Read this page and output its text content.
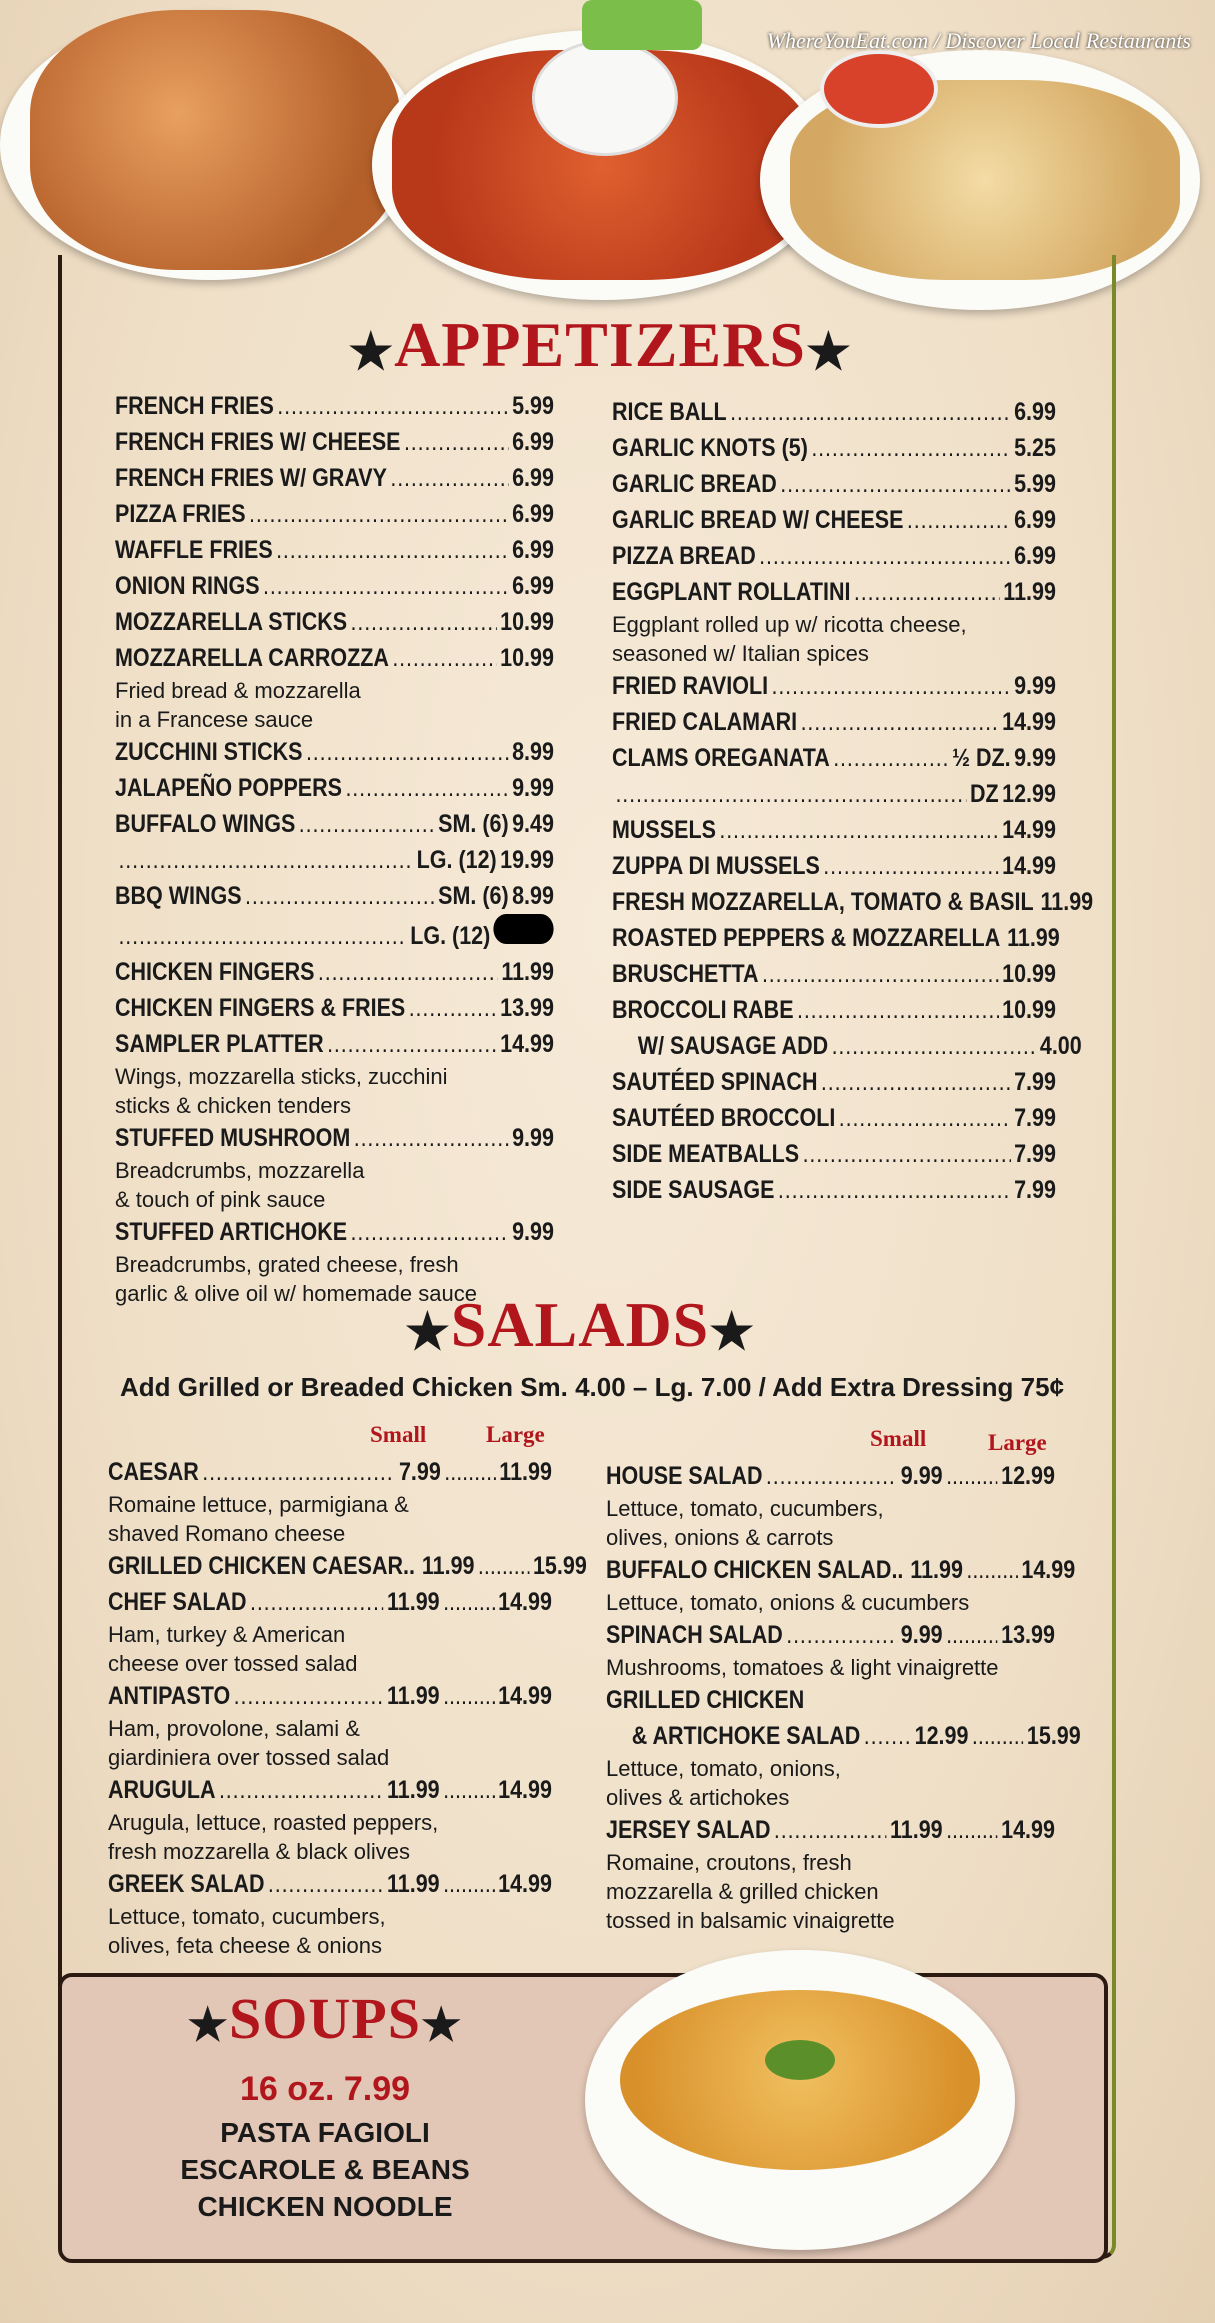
WhereYouEat.com / Discover Local Restaurants
★APPETIZERS★
FRENCH FRIES .....	5.99
FRENCH FRIES W/ CHEESE .....	6.99
FRENCH FRIES W/ GRAVY .....	6.99
PIZZA FRIES .....	6.99
WAFFLE FRIES .....	6.99
ONION RINGS .....	6.99
MOZZARELLA STICKS .....	10.99
MOZZARELLA CARROZZA .....	10.99
Fried bread & mozzarella
in a Francese sauce
ZUCCHINI STICKS .....	8.99
JALAPEÑO POPPERS .....	9.99
BUFFALO WINGS .....	SM. (6) 9.49
.....
LG. (12) 19.99
BBQ WINGS .....	SM. (6) 8.99
.....
LG. (12)
CHICKEN FINGERS .....	11.99
CHICKEN FINGERS & FRIES .....	13.99
SAMPLER PLATTER .....	14.99
Wings, mozzarella sticks, zucchini
sticks & chicken tenders
STUFFED MUSHROOM .....	9.99
Breadcrumbs, mozzarella
& touch of pink sauce
STUFFED ARTICHOKE .....	9.99
Breadcrumbs, grated cheese, fresh
garlic & olive oil w/ homemade sauce
RICE BALL .....	6.99
GARLIC KNOTS (5) .....	5.25
GARLIC BREAD .....	5.99
GARLIC BREAD W/ CHEESE .....	6.99
PIZZA BREAD .....	6.99
EGGPLANT ROLLATINI .....	11.99
Eggplant rolled up w/ ricotta cheese,
seasoned w/ Italian spices
FRIED RAVIOLI .....	9.99
FRIED CALAMARI .....	14.99
CLAMS OREGANATA .....	½ DZ. 9.99
.....
DZ 12.99
MUSSELS .....	14.99
ZUPPA DI MUSSELS .....	14.99
FRESH MOZZARELLA, TOMATO & BASIL 11.99
ROASTED PEPPERS & MOZZARELLA 11.99
BRUSCHETTA .....	10.99
BROCCOLI RABE .....	10.99
W/ SAUSAGE ADD .....	4.00
SAUTÉED SPINACH .....	7.99
SAUTÉED BROCCOLI .....	7.99
SIDE MEATBALLS .....	7.99
SIDE SAUSAGE .....	7.99
★SALADS★
Add Grilled or Breaded Chicken Sm. 4.00 – Lg. 7.00 / Add Extra Dressing 75¢
Small	Large	Small	Large
CAESAR .....	7.99 ..... 11.99
Romaine lettuce, parmigiana &
shaved Romano cheese
GRILLED CHICKEN CAESAR.. 11.99 ..... 15.99
CHEF SALAD .....	11.99 ..... 14.99
Ham, turkey & American
cheese over tossed salad
ANTIPASTO .....	11.99 ..... 14.99
Ham, provolone, salami &
giardiniera over tossed salad
ARUGULA .....	11.99 ..... 14.99
Arugula, lettuce, roasted peppers,
fresh mozzarella & black olives
GREEK SALAD .....	11.99 ..... 14.99
Lettuce, tomato, cucumbers,
olives, feta cheese & onions
HOUSE SALAD .....	9.99 ..... 12.99
Lettuce, tomato, cucumbers,
olives, onions & carrots
BUFFALO CHICKEN SALAD.. 11.99 ..... 14.99
Lettuce, tomato, onions & cucumbers
SPINACH SALAD .....	9.99 ..... 13.99
Mushrooms, tomatoes & light vinaigrette
GRILLED CHICKEN
& ARTICHOKE SALAD ..... 12.99 ..... 15.99
Lettuce, tomato, onions,
olives & artichokes
JERSEY SALAD .....	11.99 ..... 14.99
Romaine, croutons, fresh
mozzarella & grilled chicken
tossed in balsamic vinaigrette
★SOUPS★
16 oz. 7.99
PASTA FAGIOLI
ESCAROLE & BEANS
CHICKEN NOODLE
